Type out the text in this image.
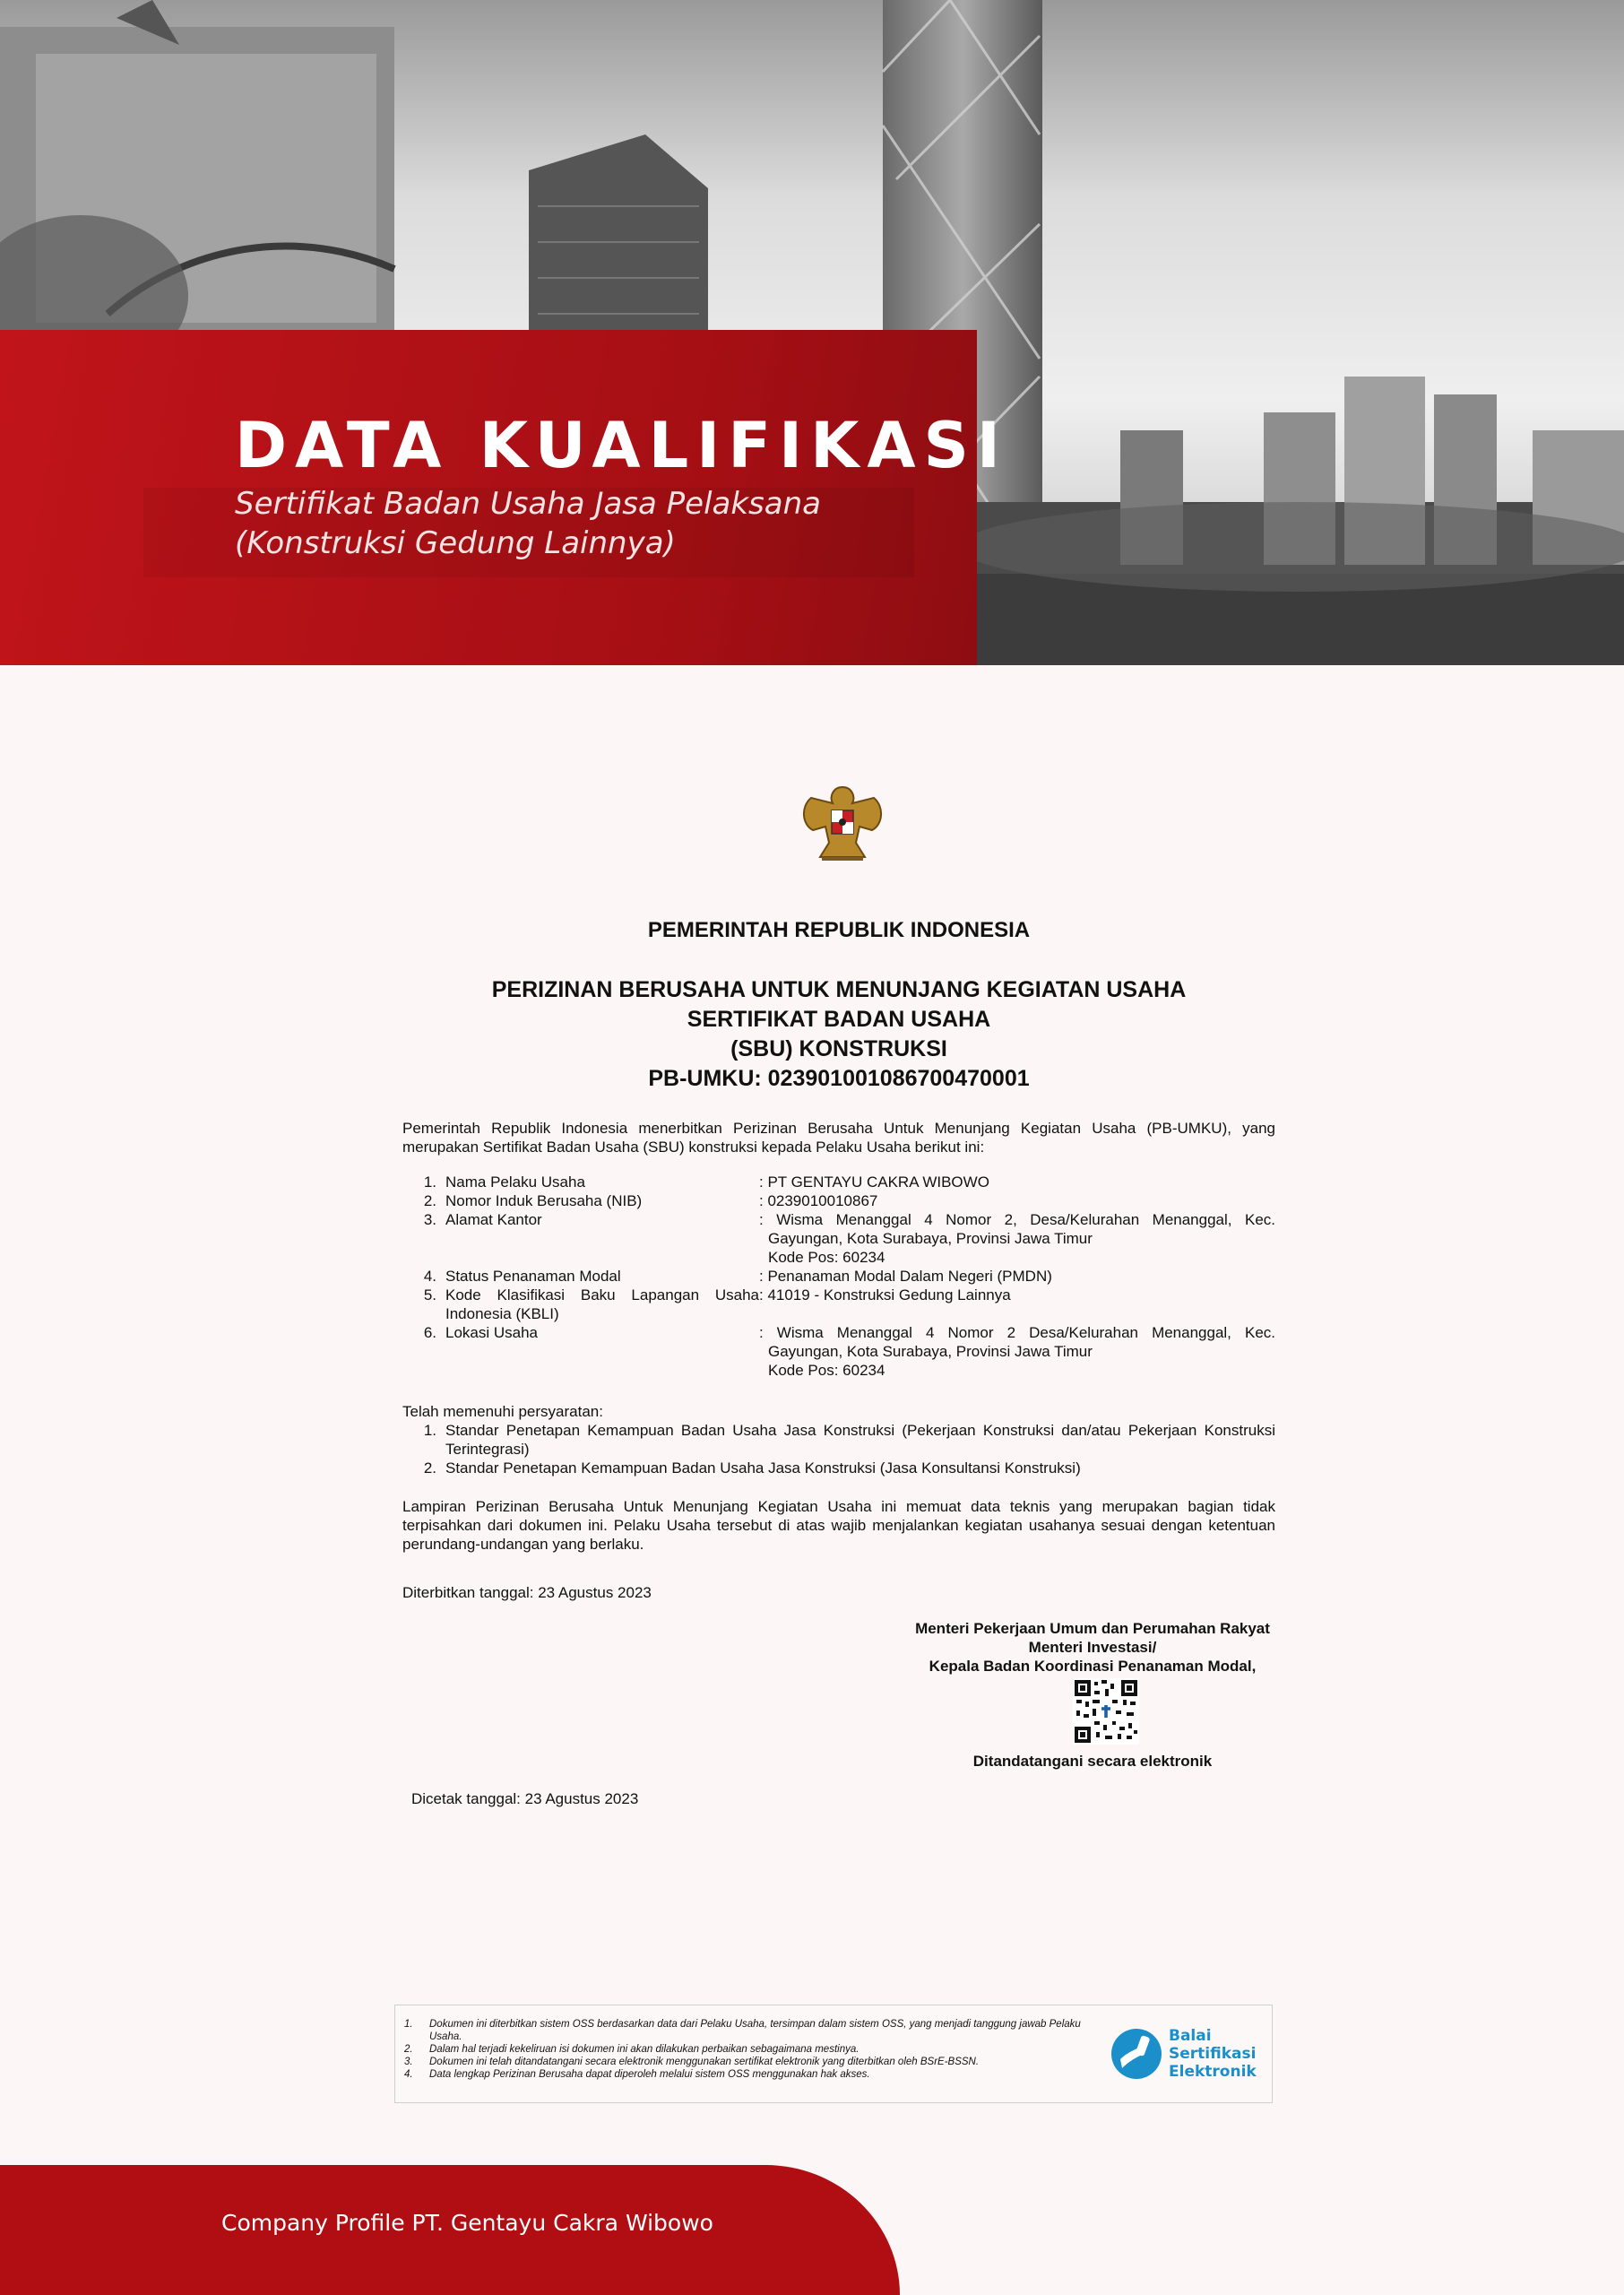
DATA KUALIFIKASI
Sertifikat Badan Usaha Jasa Pelaksana (Konstruksi Gedung Lainnya)
PEMERINTAH REPUBLIK INDONESIA
PERIZINAN BERUSAHA UNTUK MENUNJANG KEGIATAN USAHA
SERTIFIKAT BADAN USAHA
(SBU) KONSTRUKSI
PB-UMKU: 023901001086700470001
Pemerintah Republik Indonesia menerbitkan Perizinan Berusaha Untuk Menunjang Kegiatan Usaha (PB-UMKU), yang merupakan Sertifikat Badan Usaha (SBU) konstruksi kepada Pelaku Usaha berikut ini:
1. Nama Pelaku Usaha	: PT GENTAYU CAKRA WIBOWO
2. Nomor Induk Berusaha (NIB)	: 0239010010867
3. Alamat Kantor	: Wisma Menanggal 4 Nomor 2, Desa/Kelurahan Menanggal, Kec.
Gayungan, Kota Surabaya, Provinsi Jawa Timur
Kode Pos: 60234
4. Status Penanaman Modal	: Penanaman Modal Dalam Negeri (PMDN)
5. Kode Klasifikasi Baku Lapangan Usaha
Indonesia (KBLI)
: 41019 - Konstruksi Gedung Lainnya
6. Lokasi Usaha	: Wisma Menanggal 4 Nomor 2 Desa/Kelurahan Menanggal, Kec.
Gayungan, Kota Surabaya, Provinsi Jawa Timur
Kode Pos: 60234
Telah memenuhi persyaratan:
1. Standar Penetapan Kemampuan Badan Usaha Jasa Konstruksi (Pekerjaan Konstruksi dan/atau Pekerjaan Konstruksi Terintegrasi)
2. Standar Penetapan Kemampuan Badan Usaha Jasa Konstruksi (Jasa Konsultansi Konstruksi)
Lampiran Perizinan Berusaha Untuk Menunjang Kegiatan Usaha ini memuat data teknis yang merupakan bagian tidak terpisahkan dari dokumen ini. Pelaku Usaha tersebut di atas wajib menjalankan kegiatan usahanya sesuai dengan ketentuan perundang-undangan yang berlaku.
Diterbitkan tanggal: 23 Agustus 2023
Menteri Pekerjaan Umum dan Perumahan Rakyat
Menteri Investasi/
Kepala Badan Koordinasi Penanaman Modal,
Ditandatangani secara elektronik
Dicetak tanggal: 23 Agustus 2023
1.	Dokumen ini diterbitkan sistem OSS berdasarkan data dari Pelaku Usaha, tersimpan dalam sistem OSS, yang menjadi tanggung jawab Pelaku Usaha.
2.	Dalam hal terjadi kekeliruan isi dokumen ini akan dilakukan perbaikan sebagaimana mestinya.
3.	Dokumen ini telah ditandatangani secara elektronik menggunakan sertifikat elektronik yang diterbitkan oleh BSrE-BSSN.
4.	Data lengkap Perizinan Berusaha dapat diperoleh melalui sistem OSS menggunakan hak akses.
Balai
Sertifikasi
Elektronik
Company Profile PT. Gentayu Cakra Wibowo
